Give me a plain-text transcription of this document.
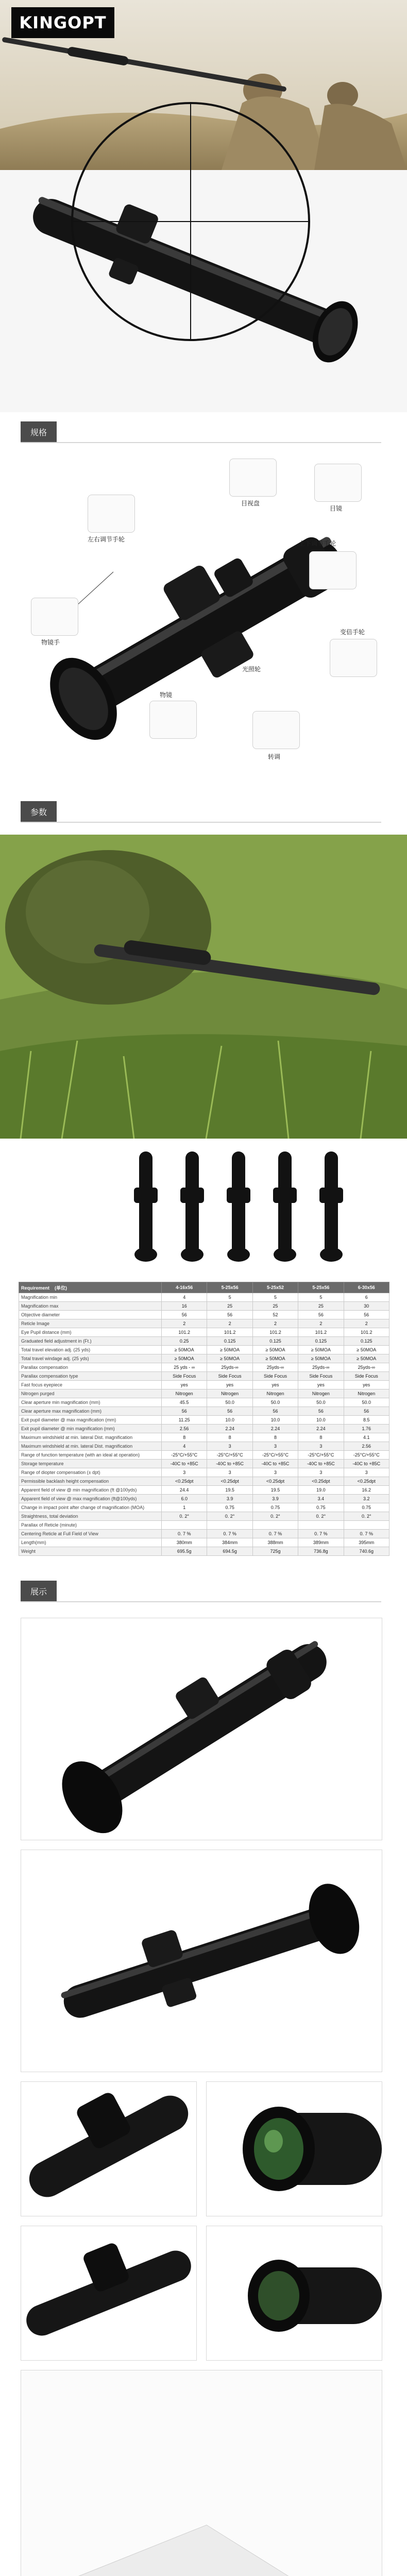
KINGOPT
规格
目视盘
目镜
左右调节手轮
上下调节手轮
物镜手
变倍手轮
光照轮
物镜
转调
参数
Requirement (单位)	4-16x56	5-25x56	5-25x52	5-25x56	6-30x56
Magnification min	4	5	5	5	6
Magnification max	16	25	25	25	30
Objective diameter	56	56	52	56	56
Reticle Image	2	2	2	2	2
Eye Pupil distance (mm)	101.2	101.2	101.2	101.2	101.2
Graduated field adjustment in (Ft.)	0.25	0.125	0.125	0.125	0.125
Total travel elevation adj. (25 yds)	≥ 50MOA	≥ 50MOA	≥ 50MOA	≥ 50MOA	≥ 50MOA
Total travel windage adj. (25 yds)	≥ 50MOA	≥ 50MOA	≥ 50MOA	≥ 50MOA	≥ 50MOA
Parallax compensation	25 yds - ∞	25yds-∞	25yds-∞	25yds-∞	25yds-∞
Parallax compensation type	Side Focus	Side Focus	Side Focus	Side Focus	Side Focus
Fast focus eyepiece	yes	yes	yes	yes	yes
Nitrogen purged	Nitrogen	Nitrogen	Nitrogen	Nitrogen	Nitrogen
Clear aperture min magnification (mm)	45.5	50.0	50.0	50.0	50.0
Clear aperture max magnification (mm)	56	56	56	56	56
Exit pupil diameter @ max magnification (mm)	11.25	10.0	10.0	10.0	8.5
Exit pupil diameter @ min magnification (mm)	2.56	2.24	2.24	2.24	1.76
Maximum windshield at min. lateral Dist. magnification	8	8	8	8	4.1
Maximum windshield at min. lateral Dist. magnification	4	3	3	3	2.56
Range of function temperature (with an ideal at operation)	-25°C/+55°C	-25°C/+55°C	-25°C/+55°C	-25°C/+55°C	-25°C/+55°C
Storage temperature	-40C to +85C	-40C to +85C	-40C to +85C	-40C to +85C	-40C to +85C
Range of diopter compensation (± dpt)	3	3	3	3	3
Permissible backlash height compensation	<0.25dpt	<0.25dpt	<0.25dpt	<0.25dpt	<0.25dpt
Apparent field of view @ min magnification (ft @100yds)	24.4	19.5	19.5	19.0	16.2
Apparent field of view @ max magnification (ft@100yds)	6.0	3.9	3.9	3.4	3.2
Change in impact point after change of magnification (MOA)	1	0.75	0.75	0.75	0.75
Straightness, total deviation	0. 2°	0. 2°	0. 2°	0. 2°	0. 2°
Parallax of Reticle (minute)					
Centering Reticle at Full Field of View	0. 7 %	0. 7 %	0. 7 %	0. 7 %	0. 7 %
Length(mm)	380mm	384mm	388mm	389mm	395mm
Weight	695.5g	694.5g	725g	736.8g	740.6g
展示
